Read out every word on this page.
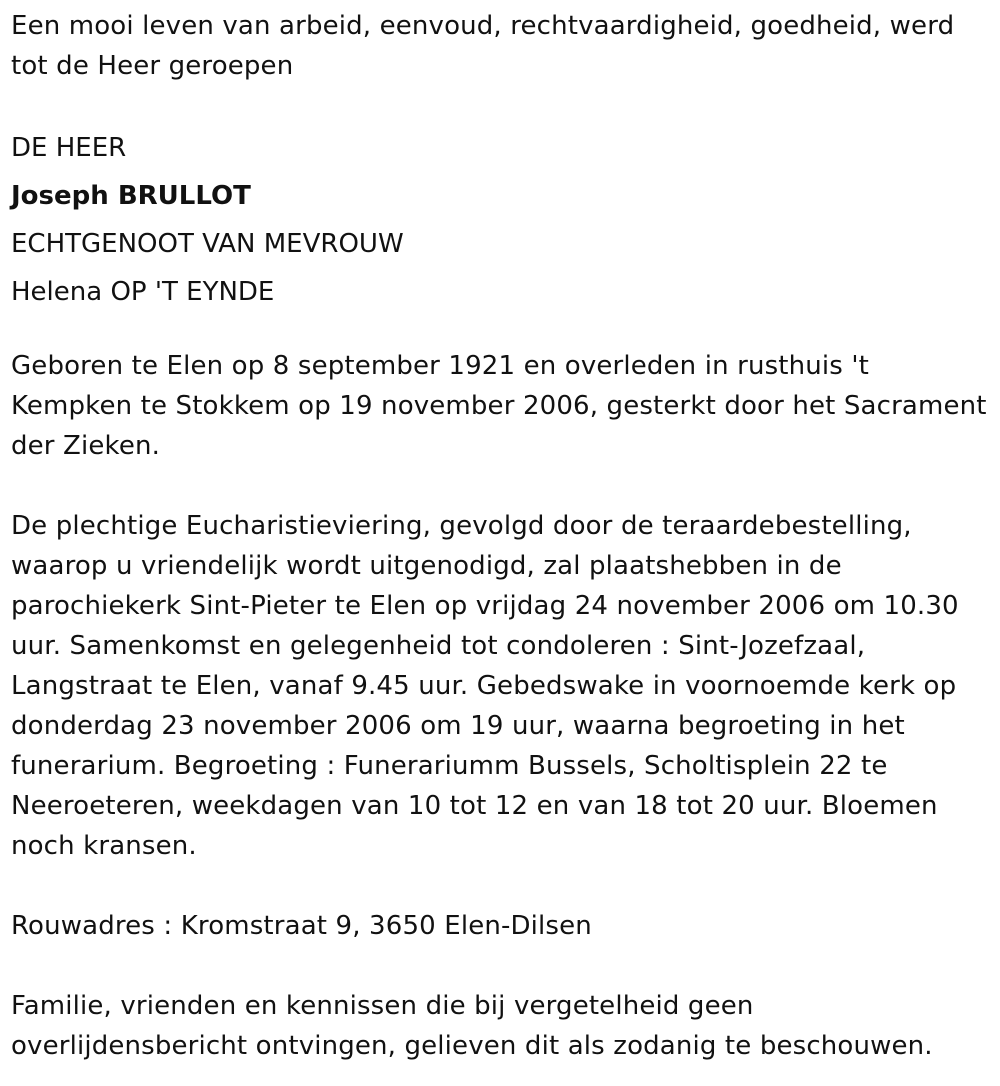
Een mooi leven van arbeid, eenvoud, rechtvaardigheid, goedheid, werd tot de Heer geroepen

DE HEER
Joseph BRULLOT
ECHTGENOOT VAN MEVROUW
Helena OP 'T EYNDE

Geboren te Elen op 8 september 1921 en overleden in rusthuis 't Kempken te Stokkem op 19 november 2006, gesterkt door het Sacrament der Zieken.

De plechtige Eucharistieviering, gevolgd door de teraardebestelling, waarop u vriendelijk wordt uitgenodigd, zal plaatshebben in de parochiekerk Sint-Pieter te Elen op vrijdag 24 november 2006 om 10.30 uur. Samenkomst en gelegenheid tot condoleren : Sint-Jozefzaal, Langstraat te Elen, vanaf 9.45 uur. Gebedswake in voornoemde kerk op donderdag 23 november 2006 om 19 uur, waarna begroeting in het funerarium. Begroeting : Funerariumm Bussels, Scholtisplein 22 te Neeroeteren, weekdagen van 10 tot 12 en van 18 tot 20 uur. Bloemen noch kransen.

Rouwadres : Kromstraat 9, 3650 Elen-Dilsen

Familie, vrienden en kennissen die bij vergetelheid geen overlijdensbericht ontvingen, gelieven dit als zodanig te beschouwen.
